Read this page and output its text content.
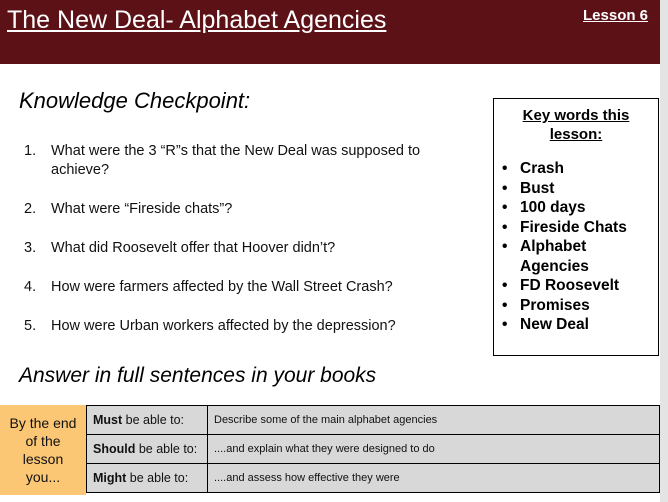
The New Deal- Alphabet Agencies	Lesson 6
Knowledge Checkpoint:
1. What were the 3 “R”s that the New Deal was supposed to achieve?
2. What were “Fireside chats”?
3. What did Roosevelt offer that Hoover didn’t?
4. How were farmers affected by the Wall Street Crash?
5. How were Urban workers affected by the depression?
Answer in full sentences in your books
Key words this lesson:
• Crash
• Bust
• 100 days
• Fireside Chats
• Alphabet Agencies
• FD Roosevelt
• Promises
• New Deal
By the end of the lesson you...
Must be able to:	Describe some of the main alphabet agencies
Should be able to:	....and explain what they were designed to do
Might be able to:	....and assess how effective they were
